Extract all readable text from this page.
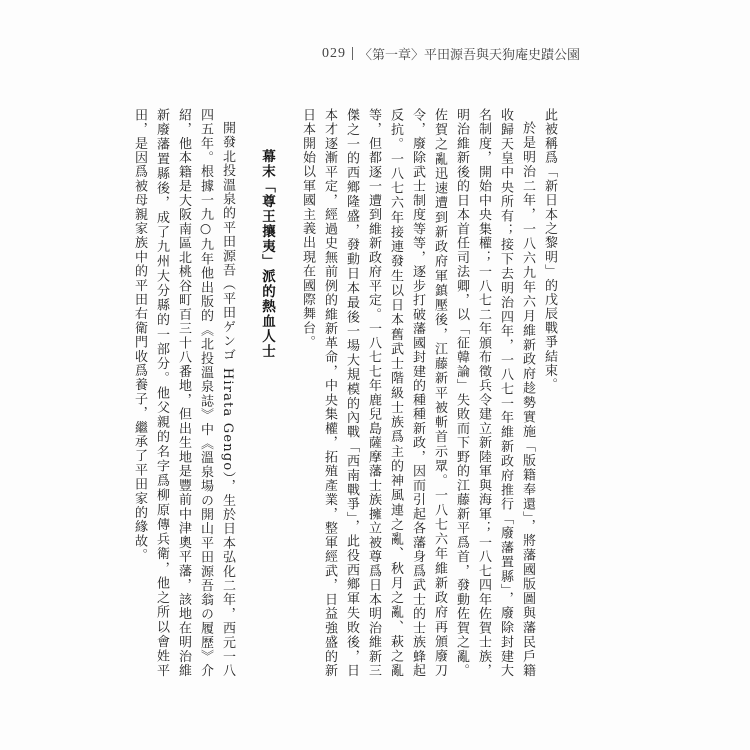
029 〈第一章〉平田源吾與天狗庵史蹟公園

此被稱爲「新日本之黎明」的戊辰戰爭結束。

於是明治二年，一八六九年六月維新政府趁勢實施「版籍奉還」，將藩國版圖與藩民戶籍收歸天皇中央所有；接下去明治四年，一八七一年維新政府推行「廢藩置縣」，廢除封建大名制度，開始中央集權；一八七二年頒布徵兵令建立新陸軍與海軍；一八七四年佐賀士族，明治維新後的日本首任司法卿，以「征韓論」失敗而下野的江藤新平爲首，發動佐賀之亂。佐賀之亂迅速遭到新政府軍鎮壓後，江藤新平被斬首示眾。一八七六年維新政府再頒廢刀令，廢除武士制度等等，逐步打破藩國封建的種種新政，因而引起各藩身爲武士的士族蜂起反抗。一八七六年接連發生以日本舊武士階級士族爲主的神風連之亂、秋月之亂、萩之亂等，但都逐一遭到維新政府平定。一八七七年鹿兒島薩摩藩士族擁立被尊爲日本明治維新三傑之一的西鄉隆盛，發動日本最後一場大規模的內戰「西南戰爭」，此役西鄉軍失敗後，日本才逐漸平定，經過史無前例的維新革命，中央集權，拓殖產業，整軍經武，日益強盛的新日本開始以軍國主義出現在國際舞台。

幕末「尊王攘夷」派的熱血人士

開發北投溫泉的平田源吾（平田ゲンゴ Hirata Gengo），生於日本弘化二年，西元一八四五年。根據一九○九年他出版的《北投溫泉誌》中《溫泉場の開山平田源吾翁の履歷》介紹，他本籍是大阪南區北桃谷町百三十八番地，但出生地是豐前中津奧平藩，該地在明治維新廢藩置縣後，成了九州大分縣的一部分。他父親的名字爲柳原傳兵衛，他之所以會姓平田，是因爲被母親家族中的平田右衛門收爲養子，繼承了平田家的緣故。
